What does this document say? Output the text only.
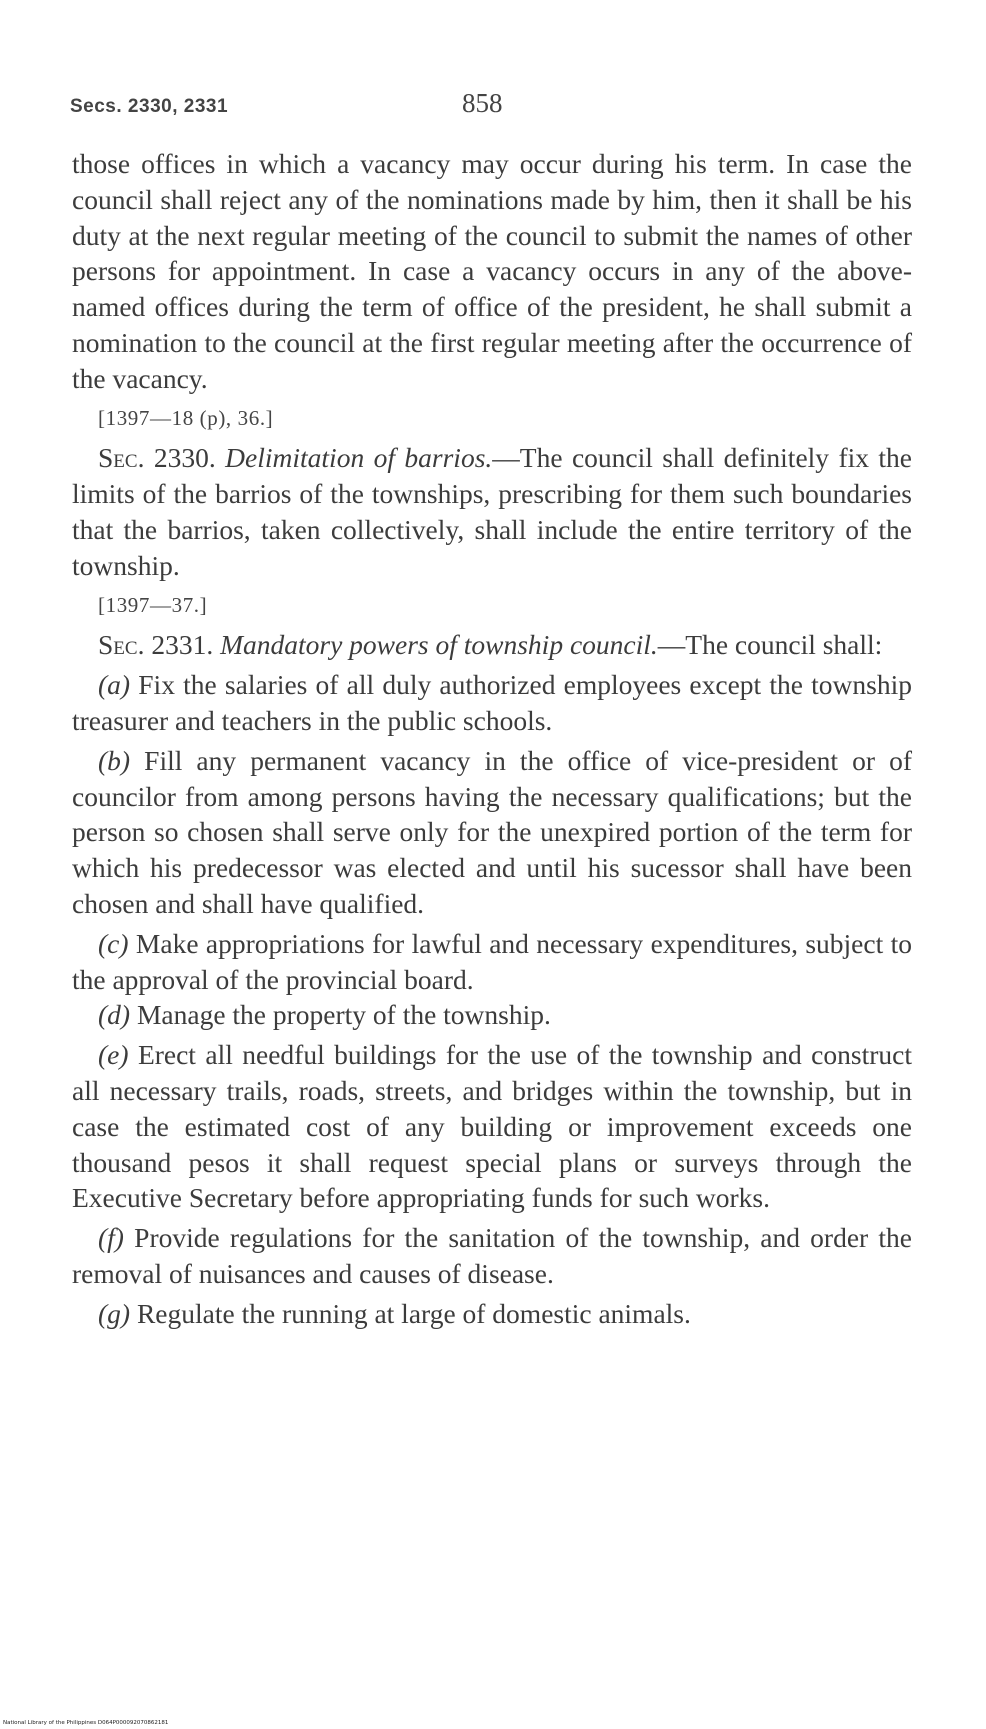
Secs. 2330, 2331	858

those offices in which a vacancy may occur during his term. In case the council shall reject any of the nominations made by him, then it shall be his duty at the next regular meeting of the council to submit the names of other persons for appointment. In case a vacancy occurs in any of the above-named offices during the term of office of the president, he shall submit a nomination to the council at the first regular meeting after the occurrence of the vacancy.

[1397—18 (p), 36.]

Sec. 2330. Delimitation of barrios.—The council shall definitely fix the limits of the barrios of the townships, prescribing for them such boundaries that the barrios, taken collectively, shall include the entire territory of the township.

[1397—37.]

Sec. 2331. Mandatory powers of township council.—The council shall:

(a) Fix the salaries of all duly authorized employees except the township treasurer and teachers in the public schools.

(b) Fill any permanent vacancy in the office of vice-president or of councilor from among persons having the necessary qualifications; but the person so chosen shall serve only for the unexpired portion of the term for which his predecessor was elected and until his sucessor shall have been chosen and shall have qualified.

(c) Make appropriations for lawful and necessary expenditures, subject to the approval of the provincial board.

(d) Manage the property of the township.

(e) Erect all needful buildings for the use of the township and construct all necessary trails, roads, streets, and bridges within the township, but in case the estimated cost of any building or improvement exceeds one thousand pesos it shall request special plans or surveys through the Executive Secretary before appropriating funds for such works.

(f) Provide regulations for the sanitation of the township, and order the removal of nuisances and causes of disease.

(g) Regulate the running at large of domestic animals.

National Library of the Philippines D064P000092070862181
